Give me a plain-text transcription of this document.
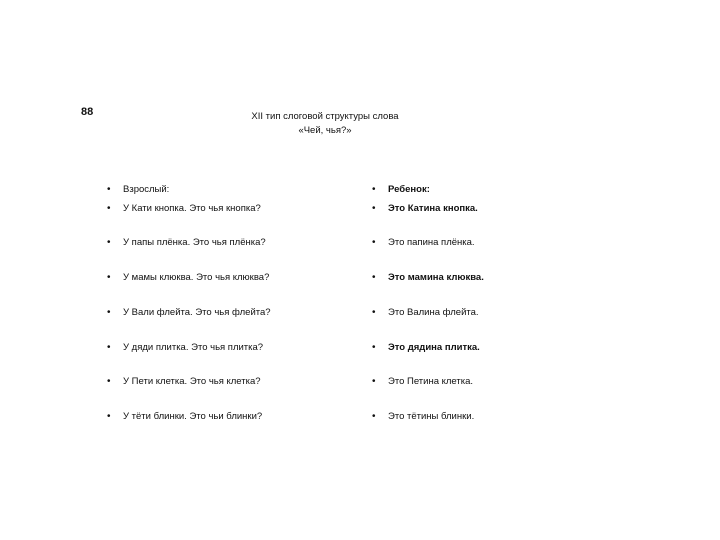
88	XII тип слоговой структуры слова
«Чей, чья?»
• Взрослый:
• У Кати кнопка. Это чья кнопка?
• У папы плёнка. Это чья плёнка?
• У мамы клюква. Это чья клюква?
• У Вали флейта. Это чья флейта?
• У дяди плитка. Это чья плитка?
• У Пети клетка. Это чья клетка?
• У тёти блинки. Это чьи блинки?
• Ребенок:
• Это Катина кнопка.
• Это папина плёнка.
•Это мамина клюква.
• Это Валина флейта.
•Это дядина плитка.
• Это Петина клетка.
•Это тётины блинки.
